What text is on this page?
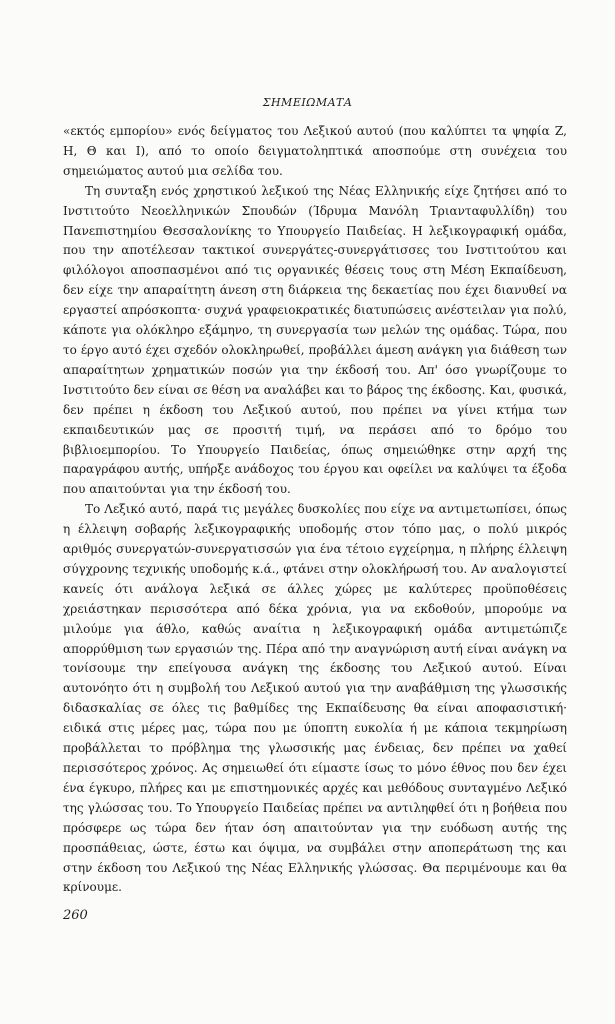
ΣΗΜΕΙΩΜΑΤΑ

«εκτός εμπορίου» ενός δείγματος του Λεξικού αυτού (που καλύπτει τα ψηφία Ζ, Η, Θ και Ι), από το οποίο δειγματοληπτικά αποσπούμε στη συνέχεια του σημειώματος αυτού μια σελίδα του.

Τη συνταξη ενός χρηστικού λεξικού της Νέας Ελληνικής είχε ζητήσει από το Ινστιτούτο Νεοελληνικών Σπουδών (Ίδρυμα Μανόλη Τριανταφυλλίδη) του Πανεπιστημίου Θεσσαλονίκης το Υπουργείο Παιδείας. Η λεξικογραφική ομάδα, που την αποτέλεσαν τακτικοί συνεργάτες-συνεργάτισσες του Ινστιτούτου και φιλόλογοι αποσπασμένοι από τις οργανικές θέσεις τους στη Μέση Εκπαίδευση, δεν είχε την απαραίτητη άνεση στη διάρκεια της δεκαετίας που έχει διανυθεί να εργαστεί απρόσκοπτα· συχνά γραφειοκρατικές διατυπώσεις ανέστειλαν για πολύ, κάποτε για ολόκληρο εξάμηνο, τη συνεργασία των μελών της ομάδας. Τώρα, που το έργο αυτό έχει σχεδόν ολοκληρωθεί, προβάλλει άμεση ανάγκη για διάθεση των απαραίτητων χρηματικών ποσών για την έκδοσή του. Απ' όσο γνωρίζουμε το Ινστιτούτο δεν είναι σε θέση να αναλάβει και το βάρος της έκδοσης. Και, φυσικά, δεν πρέπει η έκδοση του Λεξικού αυτού, που πρέπει να γίνει κτήμα των εκπαιδευτικών μας σε προσιτή τιμή, να περάσει από το δρόμο του βιβλιοεμπορίου. Το Υπουργείο Παιδείας, όπως σημειώθηκε στην αρχή της παραγράφου αυτής, υπήρξε ανάδοχος του έργου και οφείλει να καλύψει τα έξοδα που απαιτούνται για την έκδοσή του.

Το Λεξικό αυτό, παρά τις μεγάλες δυσκολίες που είχε να αντιμετωπίσει, όπως η έλλειψη σοβαρής λεξικογραφικής υποδομής στον τόπο μας, ο πολύ μικρός αριθμός συνεργατών-συνεργατισσών για ένα τέτοιο εγχείρημα, η πλήρης έλλειψη σύγχρονης τεχνικής υποδομής κ.ά., φτάνει στην ολοκλήρωσή του. Αν αναλογιστεί κανείς ότι ανάλογα λεξικά σε άλλες χώρες με καλύτερες προϋποθέσεις χρειάστηκαν περισσότερα από δέκα χρόνια, για να εκδοθούν, μπορούμε να μιλούμε για άθλο, καθώς αναίτια η λεξικογραφική ομάδα αντιμετώπιζε απορρύθμιση των εργασιών της. Πέρα από την αναγνώριση αυτή είναι ανάγκη να τονίσουμε την επείγουσα ανάγκη της έκδοσης του Λεξικού αυτού. Είναι αυτονόητο ότι η συμβολή του Λεξικού αυτού για την αναβάθμιση της γλωσσικής διδασκαλίας σε όλες τις βαθμίδες της Εκπαίδευσης θα είναι αποφασιστική· ειδικά στις μέρες μας, τώρα που με ύποπτη ευκολία ή με κάποια τεκμηρίωση προβάλλεται το πρόβλημα της γλωσσικής μας ένδειας, δεν πρέπει να χαθεί περισσότερος χρόνος. Ας σημειωθεί ότι είμαστε ίσως το μόνο έθνος που δεν έχει ένα έγκυρο, πλήρες και με επιστημονικές αρχές και μεθόδους συνταγμένο Λεξικό της γλώσσας του. Το Υπουργείο Παιδείας πρέπει να αντιληφθεί ότι η βοήθεια που πρόσφερε ως τώρα δεν ήταν όση απαιτούνταν για την ευόδωση αυτής της προσπάθειας, ώστε, έστω και όψιμα, να συμβάλει στην αποπεράτωση της και στην έκδοση του Λεξικού της Νέας Ελληνικής γλώσσας. Θα περιμένουμε και θα κρίνουμε.

260
